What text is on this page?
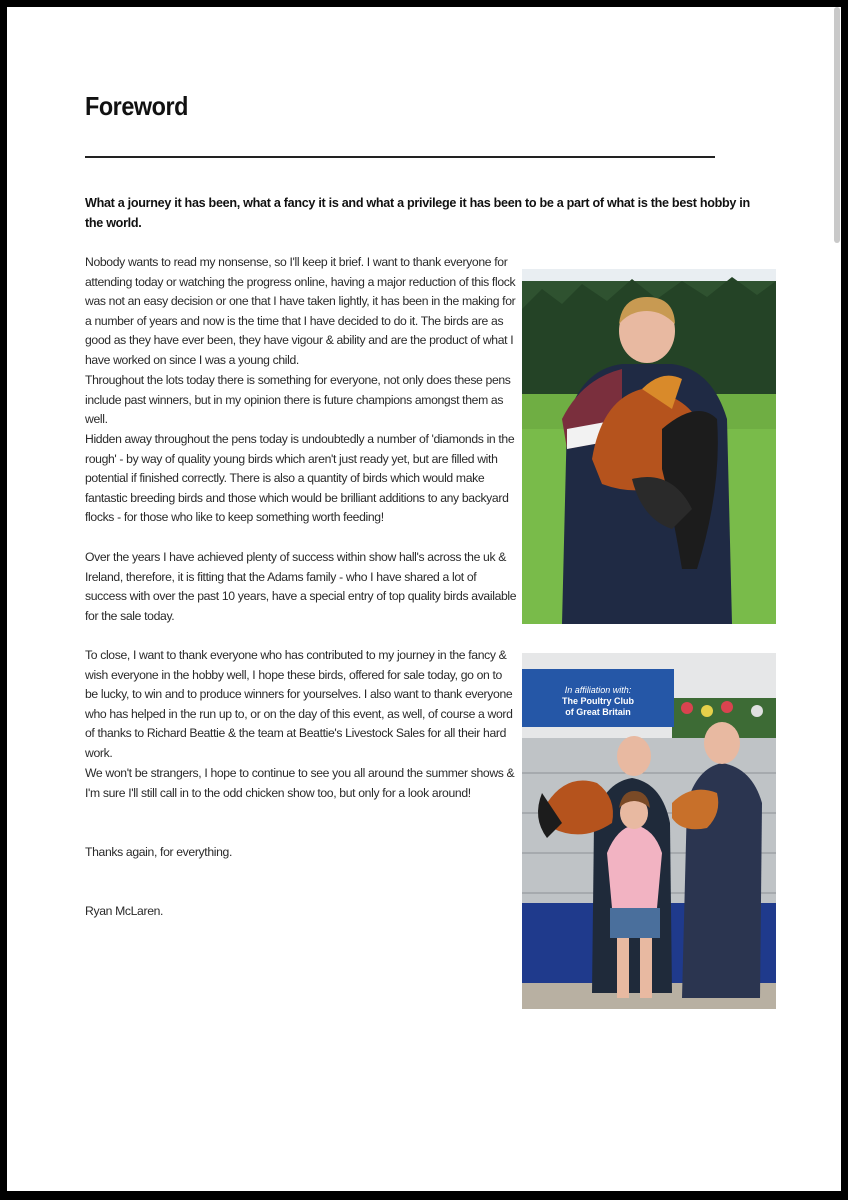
Foreword

What a journey it has been, what a fancy it is and what a privilege it has been to be a part of what is the best hobby in the world.

Nobody wants to read my nonsense, so I'll keep it brief. I want to thank everyone for attending today or watching the progress online, having a major reduction of this flock was not an easy decision or one that I have taken lightly, it has been in the making for a number of years and now is the time that I have decided to do it. The birds are as good as they have ever been, they have vigour & ability and are the product of what I have worked on since I was a young child.

Throughout the lots today there is something for everyone, not only does these pens include past winners, but in my opinion there is future champions amongst them as well.

Hidden away throughout the pens today is undoubtedly a number of 'diamonds in the rough' - by way of quality young birds which aren't just ready yet, but are filled with potential if finished correctly. There is also a quantity of birds which would make fantastic breeding birds and those which would be brilliant additions to any backyard flocks - for those who like to keep something worth feeding!

Over the years I have achieved plenty of success within show hall's across the uk & Ireland, therefore, it is fitting that the Adams family - who I have shared a lot of success with over the past 10 years, have a special entry of top quality birds available for the sale today.

To close, I want to thank everyone who has contributed to my journey in the fancy & wish everyone in the hobby well, I hope these birds, offered for sale today, go on to be lucky, to win and to produce winners for yourselves. I also want to thank everyone who has helped in the run up to, or on the day of this event, as well, of course a word of thanks to Richard Beattie & the team at Beattie's Livestock Sales for all their hard work.

We won't be strangers, I hope to continue to see you all around the summer shows & I'm sure I'll still call in to the odd chicken show too, but only for a look around!

Thanks again, for everything.

Ryan McLaren.

In affiliation with:
The Poultry Club
of Great Britain
